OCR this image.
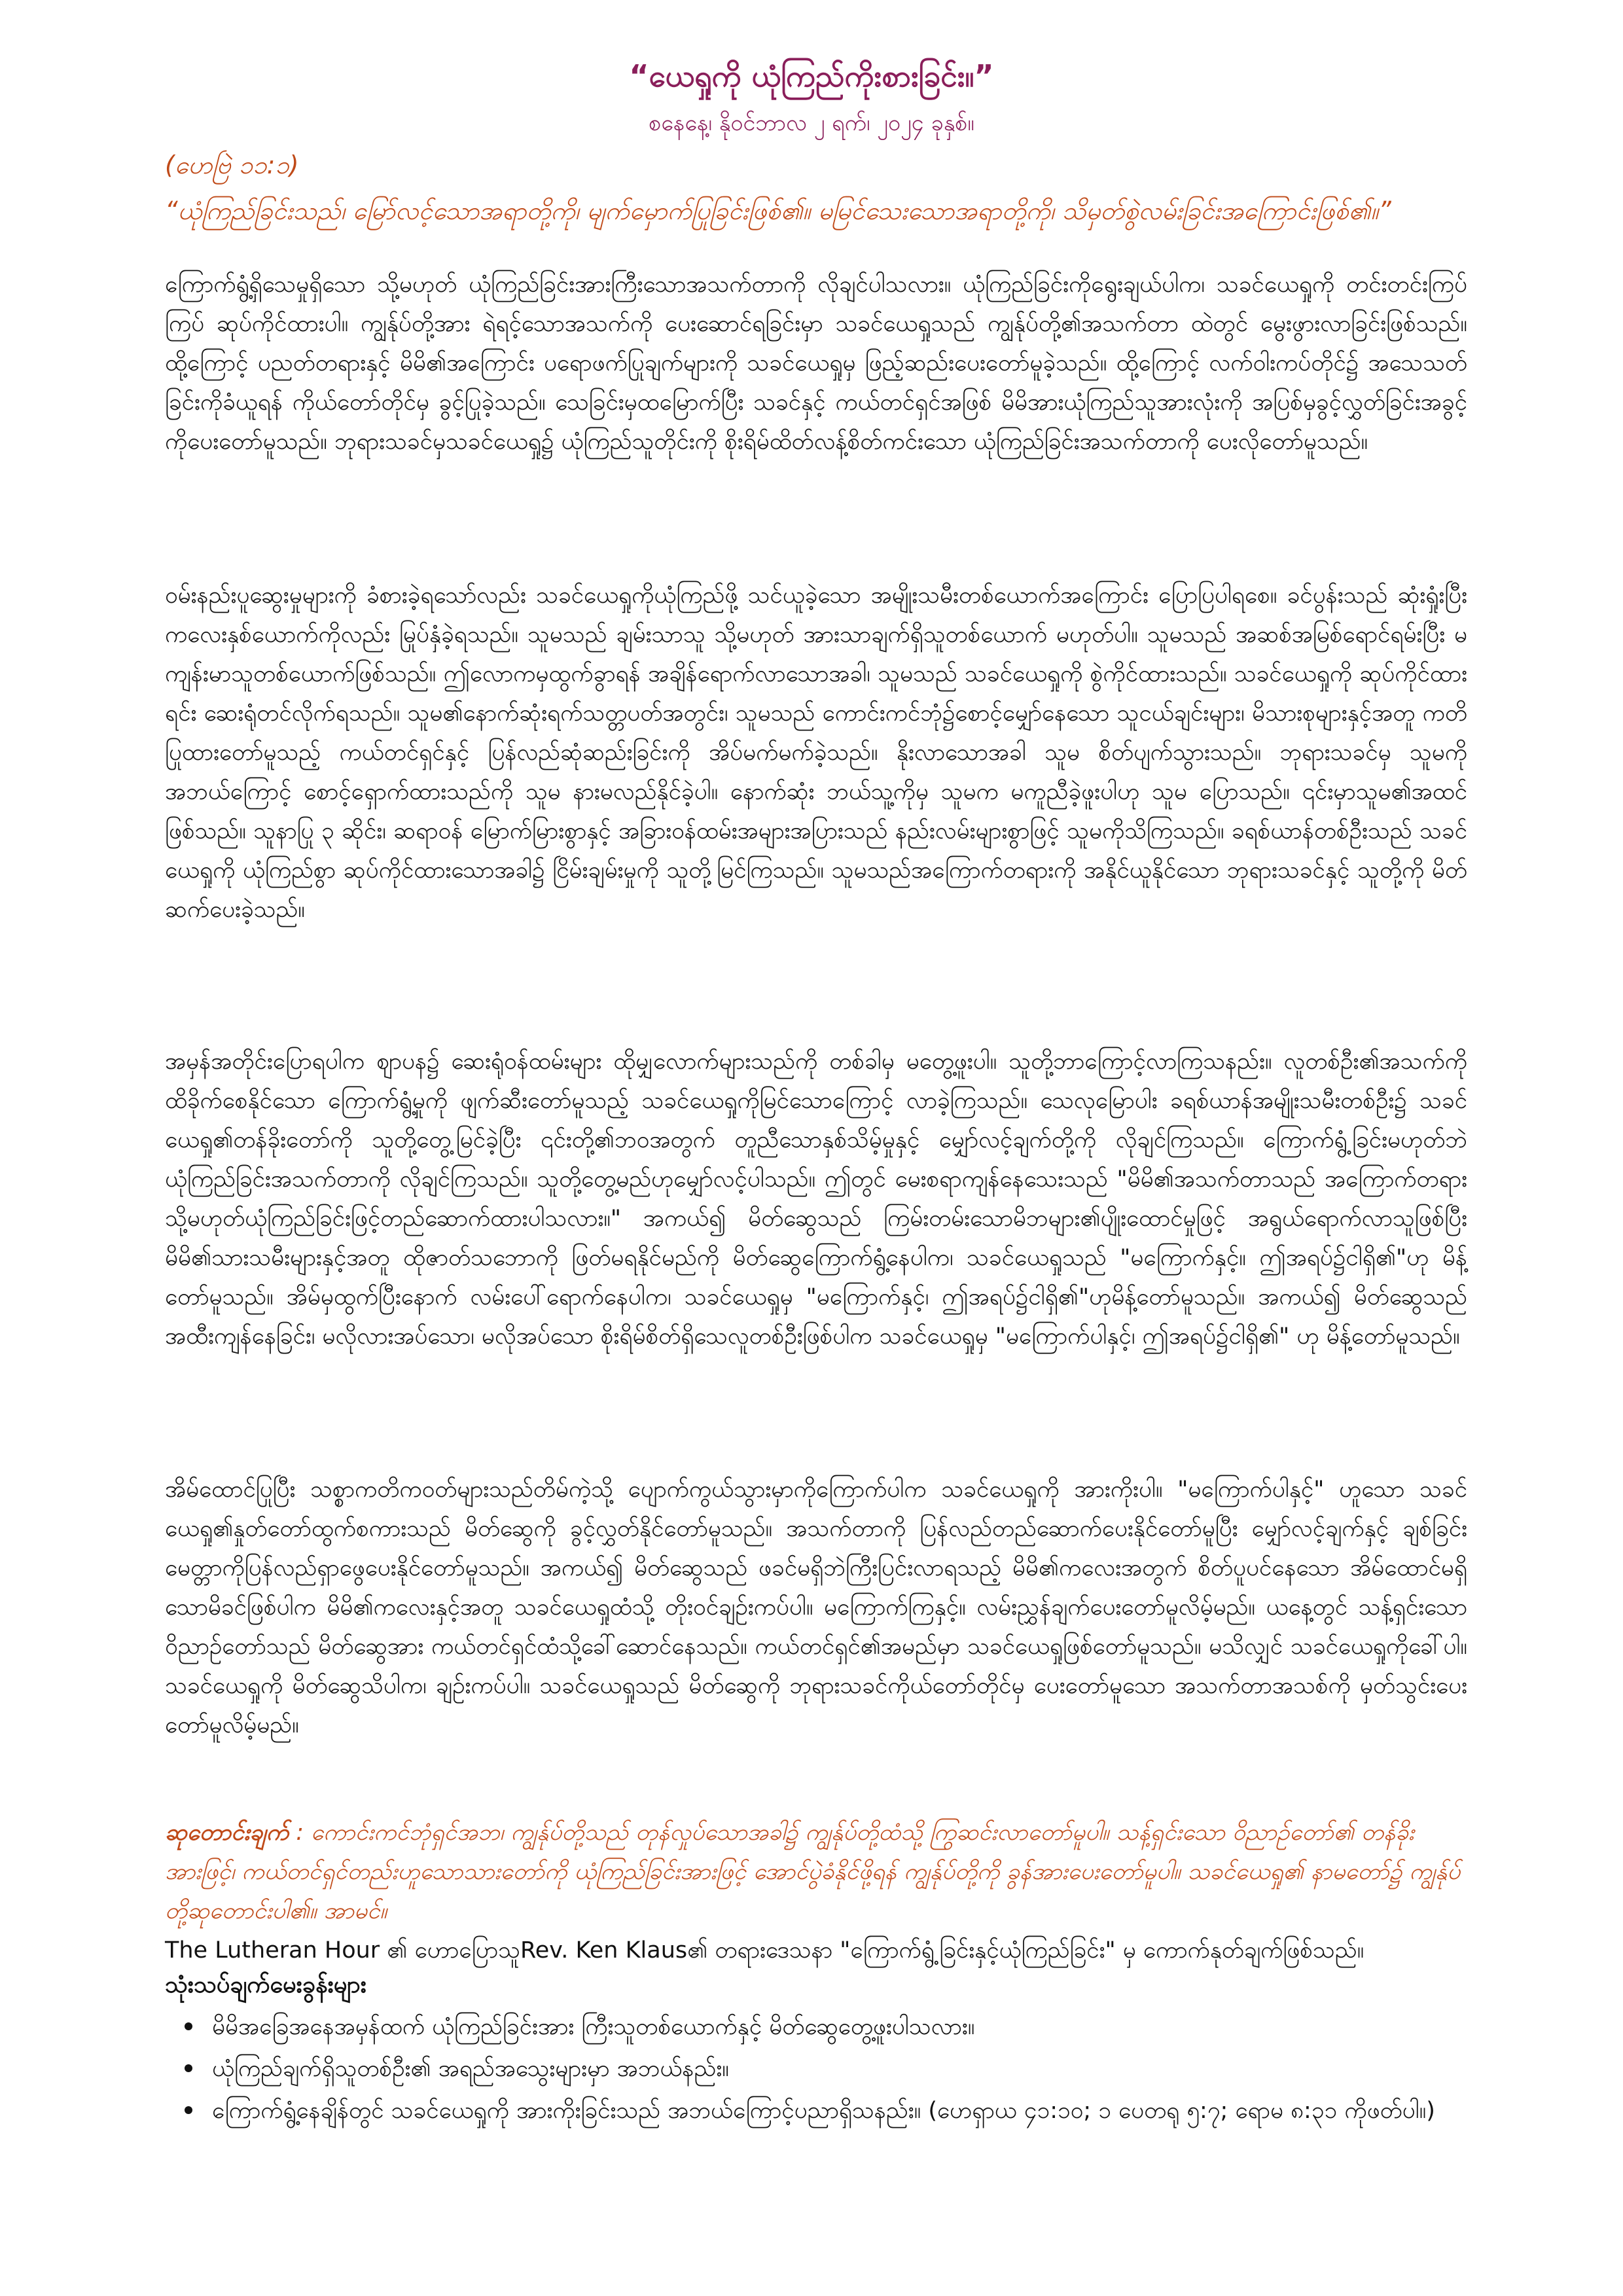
“ယေရှုကို ယုံကြည်ကိုးစားခြင်း။”
စနေနေ့၊ နိုဝင်ဘာလ ၂ ရက်၊ ၂၀၂၄ ခုနှစ်။
(ဟေဗြဲ ၁၁:၁)
“ယုံကြည်ခြင်းသည်၊ မြော်လင့်သောအရာတို့ကို၊ မျက်မှောက်ပြုခြင်းဖြစ်၏။ မမြင်သေးသောအရာတို့ကို၊ သိမှတ်စွဲလမ်းခြင်းအကြောင်းဖြစ်၏။”

ကြောက်ရွံ့ရှိသေမှုရှိသော သို့မဟုတ် ယုံကြည်ခြင်းအားကြီးသောအသက်တာကို လိုချင်ပါသလား။ ယုံကြည်ခြင်းကိုရွေးချယ်ပါက၊ သခင်ယေရှုကို တင်းတင်းကြပ်ကြပ် ဆုပ်ကိုင်ထားပါ။ ကျွန်ုပ်တို့အား ရဲရင့်သောအသက်ကို ပေးဆောင်ရခြင်းမှာ သခင်ယေရှုသည် ကျွန်ုပ်တို့၏အသက်တာ ထဲတွင် မွေးဖွားလာခြင်းဖြစ်သည်။ ထို့ကြောင့် ပညတ်တရားနှင့် မိမိ၏အကြောင်း ပရောဖက်ပြုချက်များကို သခင်ယေရှုမှ ဖြည့်ဆည်းပေးတော်မူခဲ့သည်။ ထို့ကြောင့် လက်ဝါးကပ်တိုင်၌ အသေသတ်ခြင်းကိုခံယူရန် ကိုယ်တော်တိုင်မှ ခွင့်ပြုခဲ့သည်။ သေခြင်းမှထမြောက်ပြီး သခင်နှင့် ကယ်တင်ရှင်အဖြစ် မိမိအားယုံကြည်သူအားလုံးကို အပြစ်မှခွင့်လွှတ်ခြင်းအခွင့်ကိုပေးတော်မူသည်။ ဘုရားသခင်မှသခင်ယေရှု၌ ယုံကြည်သူတိုင်းကို စိုးရိမ်ထိတ်လန့်စိတ်ကင်းသော ယုံကြည်ခြင်းအသက်တာကို ပေးလိုတော်မူသည်။

ဝမ်းနည်းပူဆွေးမှုများကို ခံစားခဲ့ရသော်လည်း သခင်ယေရှုကိုယုံကြည်ဖို့ သင်ယူခဲ့သော အမျိုးသမီးတစ်ယောက်အကြောင်း ပြောပြပါရစေ။ ခင်ပွန်းသည် ဆုံးရှုံးပြီး ကလေးနှစ်ယောက်ကိုလည်း မြုပ်နှံခဲ့ရသည်။ သူမသည် ချမ်းသာသူ သို့မဟုတ် အားသာချက်ရှိသူတစ်ယောက် မဟုတ်ပါ။ သူမသည် အဆစ်အမြစ်ရောင်ရမ်းပြီး မကျန်းမာသူတစ်ယောက်ဖြစ်သည်။ ဤလောကမှထွက်ခွာရန် အချိန်ရောက်လာသောအခါ၊ သူမသည် သခင်ယေရှုကို စွဲကိုင်ထားသည်။ သခင်ယေရှုကို ဆုပ်ကိုင်ထားရင်း ဆေးရုံတင်လိုက်ရသည်။ သူမ၏နောက်ဆုံးရက်သတ္တပတ်အတွင်း၊ သူမသည် ကောင်းကင်ဘုံ၌စောင့်မျှော်နေသော သူငယ်ချင်းများ၊ မိသားစုများနှင့်အတူ ကတိပြုထားတော်မူသည့် ကယ်တင်ရှင်နှင့် ပြန်လည်ဆုံဆည်းခြင်းကို အိပ်မက်မက်ခဲ့သည်။ နိုးလာသောအခါ သူမ စိတ်ပျက်သွားသည်။ ဘုရားသခင်မှ သူမကို အဘယ်ကြောင့် စောင့်ရှောက်ထားသည်ကို သူမ နားမလည်နိုင်ခဲ့ပါ။ နောက်ဆုံး ဘယ်သူ့ကိုမှ သူမက မကူညီခဲ့ဖူးပါဟု သူမ ပြောသည်။ ၎င်းမှာသူမ၏အထင်ဖြစ်သည်။ သူနာပြု ၃ ဆိုင်း၊ ဆရာဝန် မြောက်မြားစွာနှင့် အခြားဝန်ထမ်းအများအပြားသည် နည်းလမ်းများစွာဖြင့် သူမကိုသိကြသည်။ ခရစ်ယာန်တစ်ဦးသည် သခင်ယေရှုကို ယုံကြည်စွာ ဆုပ်ကိုင်ထားသောအခါ၌ ငြိမ်းချမ်းမှုကို သူတို့မြင်ကြသည်။ သူမသည်အကြောက်တရားကို အနိုင်ယူနိုင်သော ဘုရားသခင်နှင့် သူတို့ကို မိတ်ဆက်ပေးခဲ့သည်။

အမှန်အတိုင်းပြောရပါက ဈာပန၌ ဆေးရုံဝန်ထမ်းများ ထိုမျှလောက်များသည်ကို တစ်ခါမှ မတွေ့ဖူးပါ။ သူတို့ဘာကြောင့်လာကြသနည်း။ လူတစ်ဦး၏အသက်ကိုထိခိုက်စေနိုင်သော ကြောက်ရွံ့မှုကို ဖျက်ဆီးတော်မူသည့် သခင်ယေရှုကိုမြင်သောကြောင့် လာခဲ့ကြသည်။ သေလုမြောပါး ခရစ်ယာန်အမျိုးသမီးတစ်ဦး၌ သခင်ယေရှု၏တန်ခိုးတော်ကို သူတို့တွေ့မြင်ခဲ့ပြီး ၎င်းတို့၏ဘဝအတွက် တူညီသောနှစ်သိမ့်မှုနှင့် မျှော်လင့်ချက်တို့ကို လိုချင်ကြသည်။ ကြောက်ရွံ့ခြင်းမဟုတ်ဘဲ ယုံကြည်ခြင်းအသက်တာကို လိုချင်ကြသည်။ သူတို့တွေ့မည်ဟုမျှော်လင့်ပါသည်။ ဤတွင် မေးစရာကျန်နေသေးသည် "မိမိ၏အသက်တာသည် အကြောက်တရား သို့မဟုတ်ယုံကြည်ခြင်းဖြင့်တည်ဆောက်ထားပါသလား။" အကယ်၍ မိတ်ဆွေသည် ကြမ်းတမ်းသောမိဘများ၏ပျိုးထောင်မှုဖြင့် အရွယ်ရောက်လာသူဖြစ်ပြီး မိမိ၏သားသမီးများနှင့်အတူ ထိုဇာတ်သဘောကို ဖြတ်မရနိုင်မည်ကို မိတ်ဆွေကြောက်ရွံ့နေပါက၊ သခင်ယေရှုသည် "မကြောက်နှင့်။ ဤအရပ်၌ငါရှိ၏"ဟု မိန့်တော်မူသည်။ အိမ်မှထွက်ပြီးနောက် လမ်းပေါ်ရောက်နေပါက၊ သခင်ယေရှုမှ "မကြောက်နှင့်၊ ဤအရပ်၌ငါရှိ၏"ဟုမိန့်တော်မူသည်။ အကယ်၍ မိတ်ဆွေသည်အထီးကျန်နေခြင်း၊ မလိုလားအပ်သော၊ မလိုအပ်သော စိုးရိမ်စိတ်ရှိသေလူတစ်ဦးဖြစ်ပါက သခင်ယေရှုမှ "မကြောက်ပါနှင့်၊ ဤအရပ်၌ငါရှိ၏" ဟု မိန့်တော်မူသည်။

အိမ်ထောင်ပြုပြီး သစ္စာကတိကဝတ်များသည်တိမ်ကဲ့သို့ ပျောက်ကွယ်သွားမှာကိုကြောက်ပါက သခင်ယေရှုကို အားကိုးပါ။ "မကြောက်ပါနှင့်" ဟူသော သခင်ယေရှု၏နှုတ်တော်ထွက်စကားသည် မိတ်ဆွေကို ခွင့်လွှတ်နိုင်တော်မူသည်။ အသက်တာကို ပြန်လည်တည်ဆောက်ပေးနိုင်တော်မူပြီး မျှော်လင့်ချက်နှင့် ချစ်ခြင်းမေတ္တာကိုပြန်လည်ရှာဖွေပေးနိုင်တော်မူသည်။ အကယ်၍ မိတ်ဆွေသည် ဖခင်မရှိဘဲကြီးပြင်းလာရသည့် မိမိ၏ကလေးအတွက် စိတ်ပူပင်နေသော အိမ်ထောင်မရှိသောမိခင်ဖြစ်ပါက မိမိ၏ကလေးနှင့်အတူ သခင်ယေရှုထံသို့ တိုးဝင်ချဉ်းကပ်ပါ။ မကြောက်ကြနှင့်။ လမ်းညွှန်ချက်ပေးတော်မူလိမ့်မည်။ ယနေ့တွင် သန့်ရှင်းသောဝိညာဉ်တော်သည် မိတ်ဆွေအား ကယ်တင်ရှင်ထံသို့ခေါ်ဆောင်နေသည်။ ကယ်တင်ရှင်၏အမည်မှာ သခင်ယေရှုဖြစ်တော်မူသည်။ မသိလျှင် သခင်ယေရှုကိုခေါ်ပါ။ သခင်ယေရှုကို မိတ်ဆွေသိပါက၊ ချဉ်းကပ်ပါ။ သခင်ယေရှုသည် မိတ်ဆွေကို ဘုရားသခင်ကိုယ်တော်တိုင်မှ ပေးတော်မူသော အသက်တာအသစ်ကို မှတ်သွင်းပေးတော်မူလိမ့်မည်။

ဆုတောင်းချက် : ကောင်းကင်ဘုံရှင်အဘ၊ ကျွန်ုပ်တို့သည် တုန်လှုပ်သောအခါ၌ ကျွန်ုပ်တို့ထံသို့ ကြွဆင်းလာတော်မူပါ။ သန့်ရှင်းသော ဝိညာဉ်တော်၏ တန်ခိုးအားဖြင့်၊ ကယ်တင်ရှင်တည်းဟူသောသားတော်ကို ယုံကြည်ခြင်းအားဖြင့် အောင်ပွဲခံနိုင်ဖို့ရန် ကျွန်ုပ်တို့ကို ခွန်အားပေးတော်မူပါ။ သခင်ယေရှု၏ နာမတော်၌ ကျွန်ုပ်တို့ဆုတောင်းပါ၏။ အာမင်။

The Lutheran Hour ၏ ဟောပြောသူRev. Ken Klaus၏ တရားဒေသနာ "ကြောက်ရွံ့ခြင်းနှင့်ယုံကြည်ခြင်း" မှ ကောက်နုတ်ချက်ဖြစ်သည်။
သုံးသပ်ချက်မေးခွန်းများ
မိမိအခြေအနေအမှန်ထက် ယုံကြည်ခြင်းအား ကြီးသူတစ်ယောက်နှင့် မိတ်ဆွေတွေ့ဖူးပါသလား။
ယုံကြည်ချက်ရှိသူတစ်ဦး၏ အရည်အသွေးများမှာ အဘယ်နည်း။
ကြောက်ရွံ့နေချိန်တွင် သခင်ယေရှုကို အားကိုးခြင်းသည် အဘယ်ကြောင့်ပညာရှိသနည်း။ (ဟေရှာယ ၄၁:၁၀; ၁ ပေတရု ၅:၇; ရောမ ၈:၃၁ ကိုဖတ်ပါ။)
